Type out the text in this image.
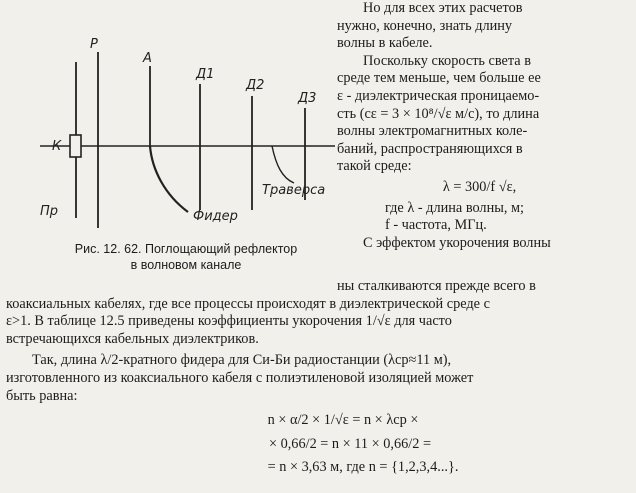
Р
А
Д1
Д2
Д3
К
Пр	Фидер
Траверса
Рис. 12. 62. Поглощающий рефлектор
в волновом канале

Но для всех этих расчетов

нужно, конечно, знать длину

волны в кабеле.

Поскольку скорость света в

среде тем меньше, чем больше ее

ε - диэлектрическая проницаемо-

сть (cε = 3 × 10⁸/√ε м/с), то длина

волны электромагнитных коле-

баний, распространяющихся в

такой среде:

λ = 300/f √ε,

где λ - длина волны, м;

f - частота, МГц.

С эффектом укорочения волны

ны сталкиваются прежде всего в

коаксиальных кабелях, где все процессы происходят в диэлектрической среде с

ε>1. В таблице 12.5 приведены коэффициенты укорочения 1/√ε для часто

встречающихся кабельных диэлектриков.

Так, длина λ/2-кратного фидера для Си-Би радиостанции (λcp≈11 м),

изготовленного из коаксиального кабеля с полиэтиленовой изоляцией может

быть равна:

n × α/2 × 1/√ε = n × λср ×
× 0,66/2 = n × 11 × 0,66/2 =
= n × 3,63 м, где n = {1,2,3,4...}.
